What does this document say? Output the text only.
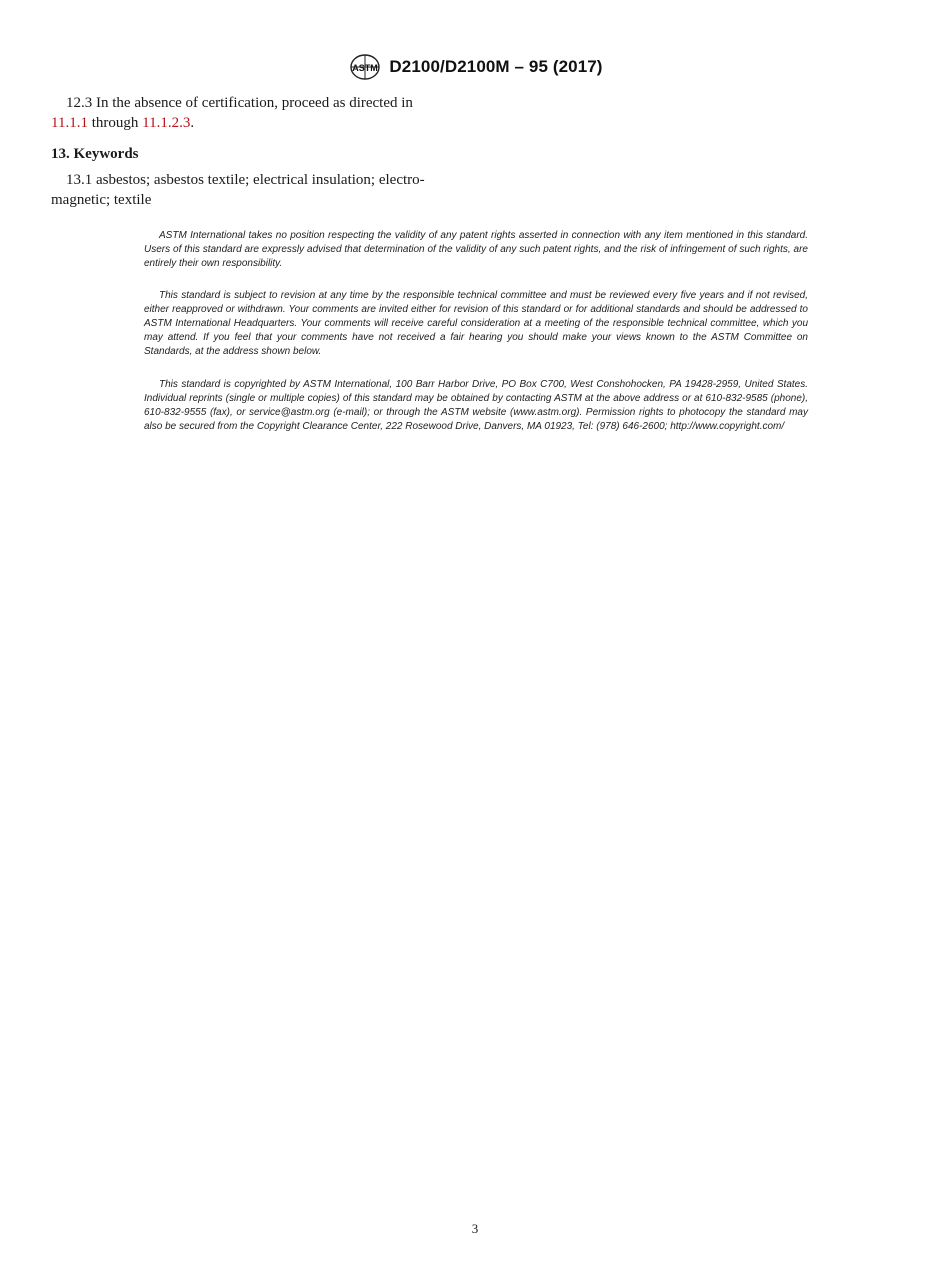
ASTM D2100/D2100M – 95 (2017)

12.3 In the absence of certification, proceed as directed in

11.1.1 through 11.1.2.3.

13. Keywords

13.1 asbestos; asbestos textile; electrical insulation; electro-

magnetic; textile

ASTM International takes no position respecting the validity of any patent rights asserted in connection with any item mentioned in this standard. Users of this standard are expressly advised that determination of the validity of any such patent rights, and the risk of infringement of such rights, are entirely their own responsibility.

This standard is subject to revision at any time by the responsible technical committee and must be reviewed every five years and if not revised, either reapproved or withdrawn. Your comments are invited either for revision of this standard or for additional standards and should be addressed to ASTM International Headquarters. Your comments will receive careful consideration at a meeting of the responsible technical committee, which you may attend. If you feel that your comments have not received a fair hearing you should make your views known to the ASTM Committee on Standards, at the address shown below.

This standard is copyrighted by ASTM International, 100 Barr Harbor Drive, PO Box C700, West Conshohocken, PA 19428-2959, United States. Individual reprints (single or multiple copies) of this standard may be obtained by contacting ASTM at the above address or at 610-832-9585 (phone), 610-832-9555 (fax), or service@astm.org (e-mail); or through the ASTM website (www.astm.org). Permission rights to photocopy the standard may also be secured from the Copyright Clearance Center, 222 Rosewood Drive, Danvers, MA 01923, Tel: (978) 646-2600; http://www.copyright.com/

3
